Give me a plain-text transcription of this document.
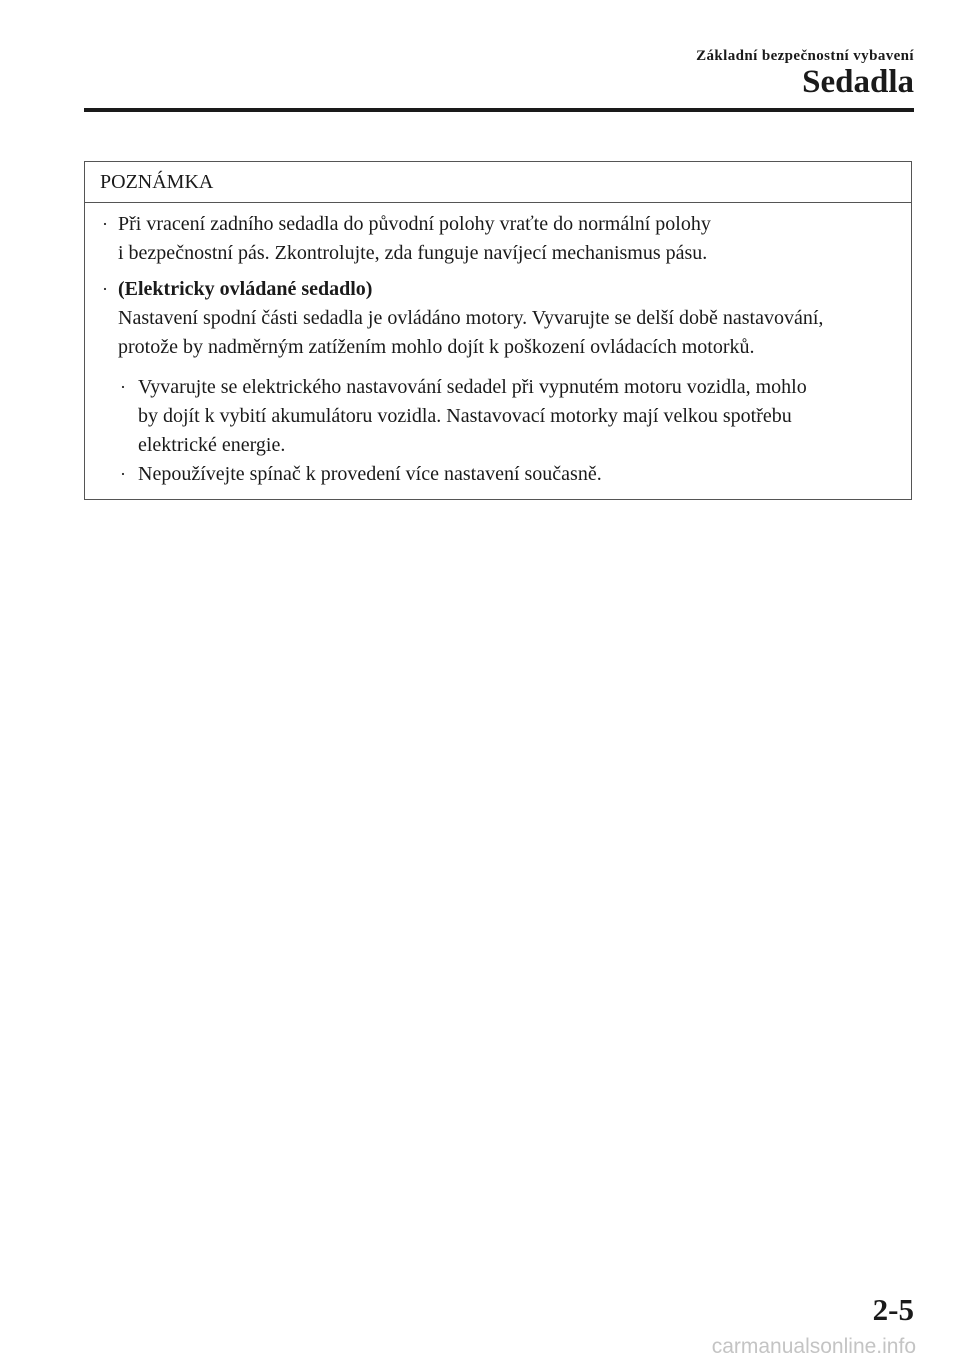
Základní bezpečnostní vybavení
Sedadla
POZNÁMKA
· Při vracení zadního sedadla do původní polohy vraťte do normální polohy
i bezpečnostní pás. Zkontrolujte, zda funguje navíjecí mechanismus pásu.
· (Elektricky ovládané sedadlo)
Nastavení spodní části sedadla je ovládáno motory. Vyvarujte se delší době nastavování,
protože by nadměrným zatížením mohlo dojít k poškození ovládacích motorků.
· Vyvarujte se elektrického nastavování sedadel při vypnutém motoru vozidla, mohlo
by dojít k vybití akumulátoru vozidla. Nastavovací motorky mají velkou spotřebu
elektrické energie.
· Nepoužívejte spínač k provedení více nastavení současně.
2-5
carmanualsonline.info
